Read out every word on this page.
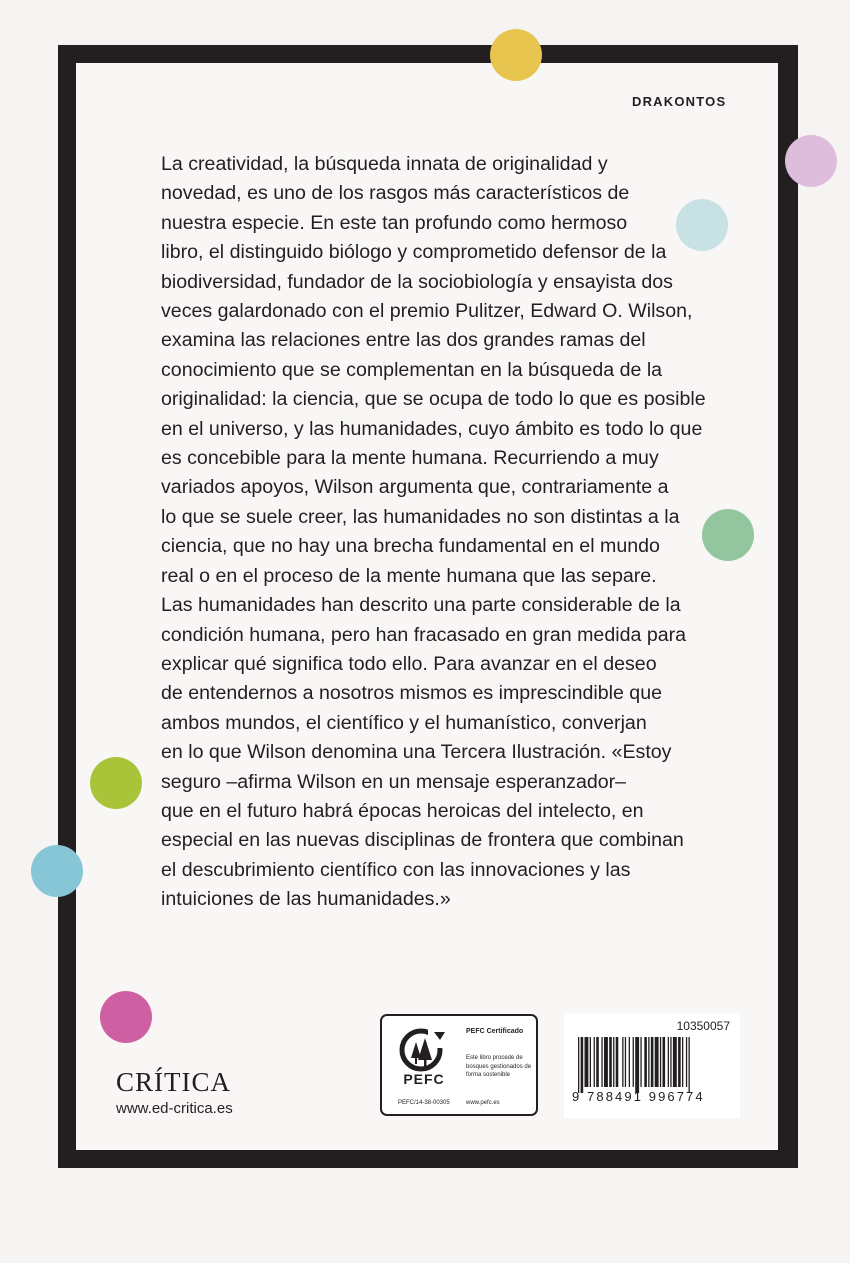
DRAKONTOS
La creatividad, la búsqueda innata de originalidad y
novedad, es uno de los rasgos más característicos de
nuestra especie. En este tan profundo como hermoso
libro, el distinguido biólogo y comprometido defensor de la
biodiversidad, fundador de la sociobiología y ensayista dos
veces galardonado con el premio Pulitzer, Edward O. Wilson,
examina las relaciones entre las dos grandes ramas del
conocimiento que se complementan en la búsqueda de la
originalidad: la ciencia, que se ocupa de todo lo que es posible
en el universo, y las humanidades, cuyo ámbito es todo lo que
es concebible para la mente humana. Recurriendo a muy
variados apoyos, Wilson argumenta que, contrariamente a
lo que se suele creer, las humanidades no son distintas a la
ciencia, que no hay una brecha fundamental en el mundo
real o en el proceso de la mente humana que las separe.
Las humanidades han descrito una parte considerable de la
condición humana, pero han fracasado en gran medida para
explicar qué significa todo ello. Para avanzar en el deseo
de entendernos a nosotros mismos es imprescindible que
ambos mundos, el científico y el humanístico, converjan
en lo que Wilson denomina una Tercera Ilustración. «Estoy
seguro –afirma Wilson en un mensaje esperanzador–
que en el futuro habrá épocas heroicas del intelecto, en
especial en las nuevas disciplinas de frontera que combinan
el descubrimiento científico con las innovaciones y las
intuiciones de las humanidades.»
CRÍTICA
www.ed-critica.es
PEFC
PEFC Certificado
Este libro procede de bosques gestionados de forma sostenible
PEFC/14-38-00305	www.pefc.es
10350057
9 788491 996774
